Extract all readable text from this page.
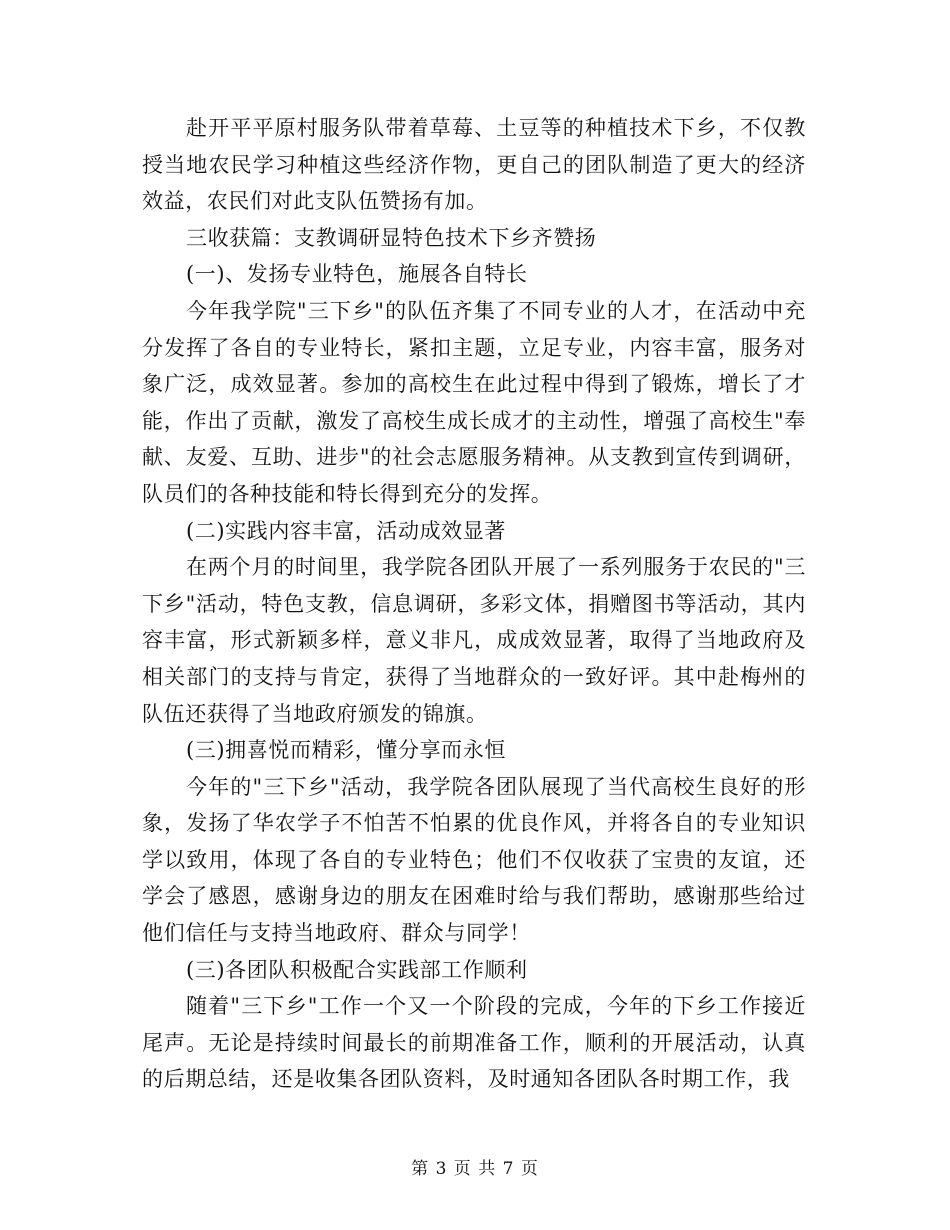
赴开平平原村服务队带着草莓、土豆等的种植技术下乡，不仅教授当地农民学习种植这些经济作物，更自己的团队制造了更大的经济效益，农民们对此支队伍赞扬有加。

三收获篇：支教调研显特色技术下乡齐赞扬

(一)、发扬专业特色，施展各自特长

今年我学院"三下乡"的队伍齐集了不同专业的人才，在活动中充分发挥了各自的专业特长，紧扣主题，立足专业，内容丰富，服务对象广泛，成效显著。参加的高校生在此过程中得到了锻炼，增长了才能，作出了贡献，激发了高校生成长成才的主动性，增强了高校生"奉献、友爱、互助、进步"的社会志愿服务精神。从支教到宣传到调研，队员们的各种技能和特长得到充分的发挥。

(二)实践内容丰富，活动成效显著

在两个月的时间里，我学院各团队开展了一系列服务于农民的"三下乡"活动，特色支教，信息调研，多彩文体，捐赠图书等活动，其内容丰富，形式新颖多样，意义非凡，成成效显著，取得了当地政府及相关部门的支持与肯定，获得了当地群众的一致好评。其中赴梅州的队伍还获得了当地政府颁发的锦旗。

(三)拥喜悦而精彩，懂分享而永恒

今年的"三下乡"活动，我学院各团队展现了当代高校生良好的形象，发扬了华农学子不怕苦不怕累的优良作风，并将各自的专业知识学以致用，体现了各自的专业特色；他们不仅收获了宝贵的友谊，还学会了感恩，感谢身边的朋友在困难时给与我们帮助，感谢那些给过他们信任与支持当地政府、群众与同学！

(三)各团队积极配合实践部工作顺利

随着"三下乡"工作一个又一个阶段的完成，今年的下乡工作接近尾声。无论是持续时间最长的前期准备工作，顺利的开展活动，认真的后期总结，还是收集各团队资料，及时通知各团队各时期工作，我

第 3 页 共 7 页
